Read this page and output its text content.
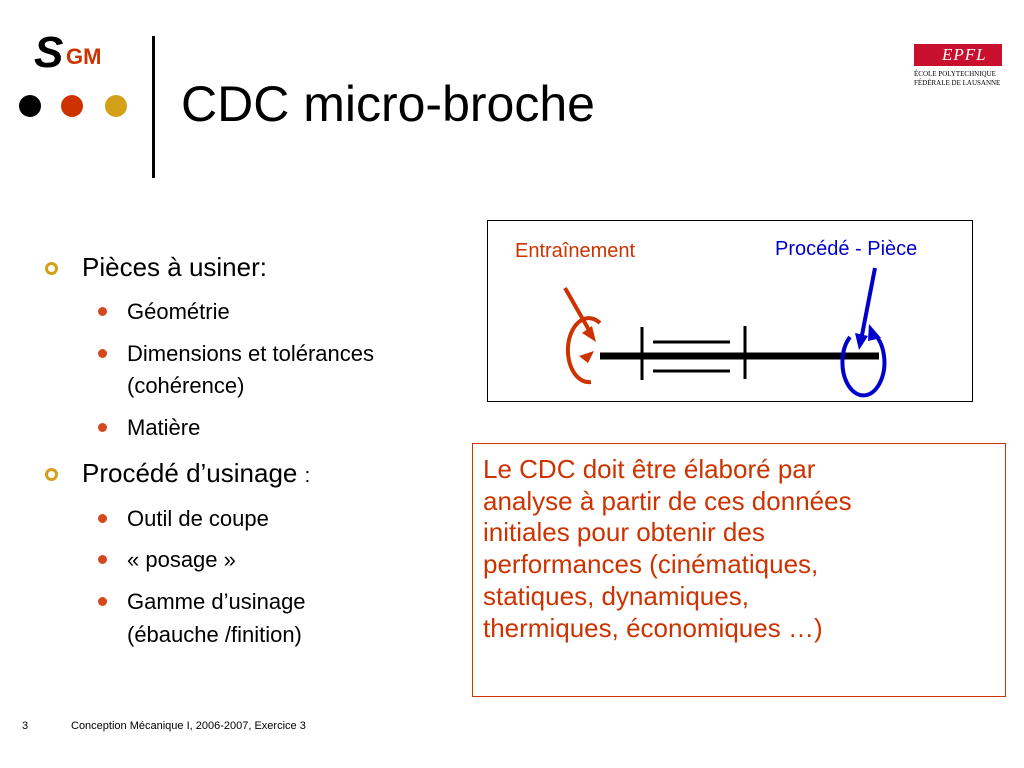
S GM
CDC micro-broche
EPFL
ÉCOLE POLYTECHNIQUE
FÉDÉRALE DE LAUSANNE
Pièces à usiner:
Géométrie
Dimensions et tolérances
(cohérence)
Matière
Procédé d’usinage :
Outil de coupe
« posage »
Gamme d’usinage
(ébauche /finition)
Entraînement	Procédé - Pièce
Le CDC doit être élaboré par
analyse à partir de ces données
initiales pour obtenir des
performances (cinématiques,
statiques, dynamiques,
thermiques, économiques …)
3	Conception Mécanique I, 2006-2007, Exercice 3
